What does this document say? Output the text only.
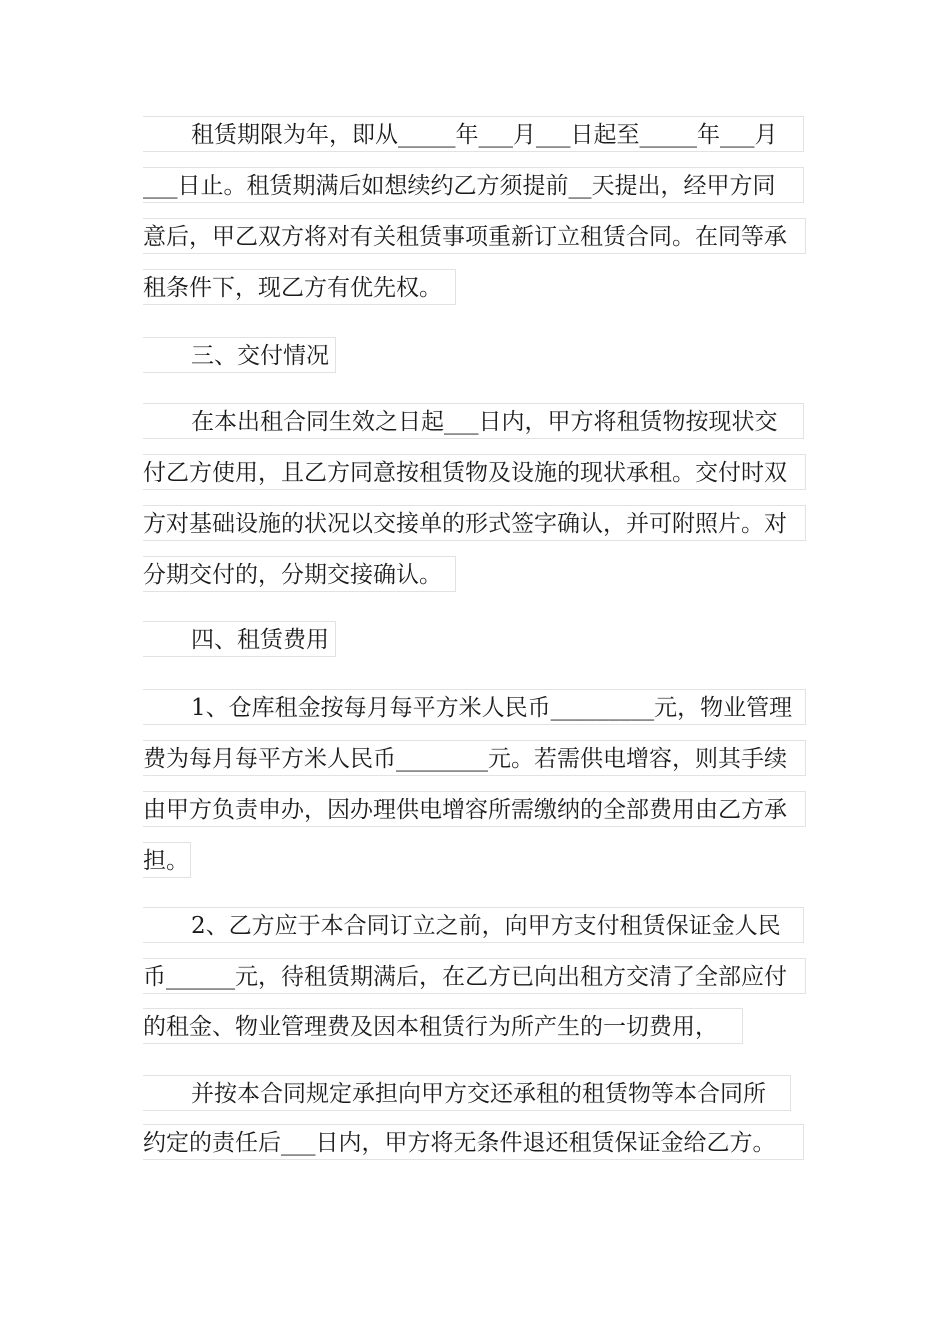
租赁期限为年，即从_____年___月___日起至_____年___月
___日止。租赁期满后如想续约乙方须提前__天提出，经甲方同
意后，甲乙双方将对有关租赁事项重新订立租赁合同。在同等承
租条件下，现乙方有优先权。
三、交付情况
在本出租合同生效之日起___日内，甲方将租赁物按现状交
付乙方使用，且乙方同意按租赁物及设施的现状承租。交付时双
方对基础设施的状况以交接单的形式签字确认，并可附照片。对
分期交付的，分期交接确认。
四、租赁费用
1、仓库租金按每月每平方米人民币_________元，物业管理
费为每月每平方米人民币________元。若需供电增容，则其手续
由甲方负责申办，因办理供电增容所需缴纳的全部费用由乙方承
担。
2、乙方应于本合同订立之前，向甲方支付租赁保证金人民
币______元，待租赁期满后，在乙方已向出租方交清了全部应付
的租金、物业管理费及因本租赁行为所产生的一切费用，
并按本合同规定承担向甲方交还承租的租赁物等本合同所
约定的责任后___日内，甲方将无条件退还租赁保证金给乙方。
